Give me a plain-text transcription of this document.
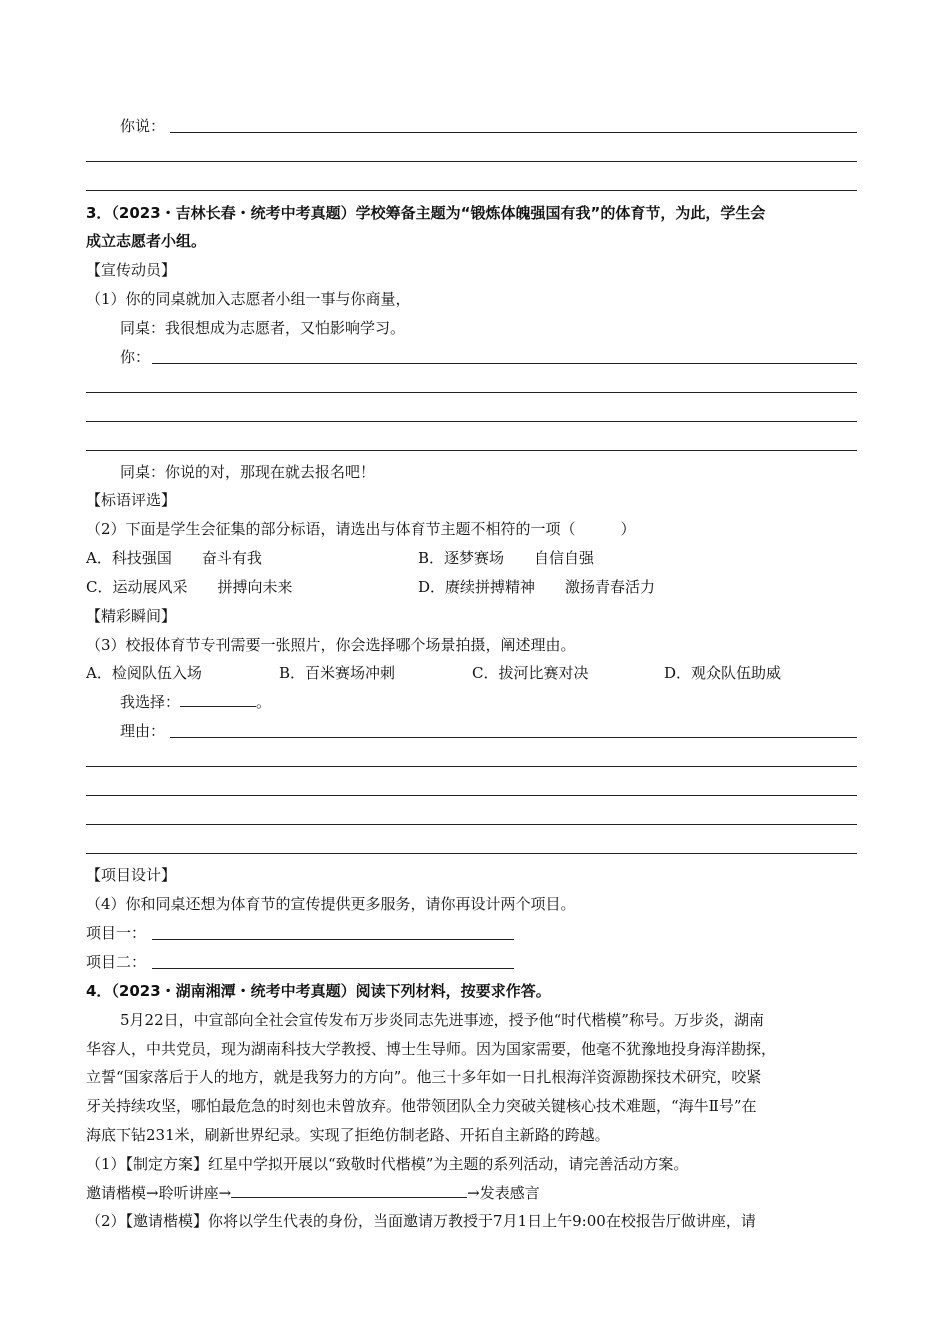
你说：
3．（2023・吉林长春・统考中考真题）学校筹备主题为“锻炼体魄强国有我”的体育节，为此，学生会
成立志愿者小组。
【宣传动员】
（1）你的同桌就加入志愿者小组一事与你商量，
同桌：我很想成为志愿者，又怕影响学习。
你：
同桌：你说的对，那现在就去报名吧！
【标语评选】
（2）下面是学生会征集的部分标语，请选出与体育节主题不相符的一项（　　　）
A．科技强国　　奋斗有我	B．逐梦赛场　　自信自强
C．运动展风采　　拼搏向未来	D．赓续拼搏精神　　激扬青春活力
【精彩瞬间】
（3）校报体育节专刊需要一张照片，你会选择哪个场景拍摄，阐述理由。
A．检阅队伍入场	B．百米赛场冲刺	C．拔河比赛对决	D．观众队伍助威
我选择：	。
理由：
【项目设计】
（4）你和同桌还想为体育节的宣传提供更多服务，请你再设计两个项目。
项目一：
项目二：
4．（2023・湖南湘潭・统考中考真题）阅读下列材料，按要求作答。
5月22日，中宣部向全社会宣传发布万步炎同志先进事迹，授予他“时代楷模”称号。万步炎，湖南
华容人，中共党员，现为湖南科技大学教授、博士生导师。因为国家需要，他毫不犹豫地投身海洋勘探，
立誓“国家落后于人的地方，就是我努力的方向”。他三十多年如一日扎根海洋资源勘探技术研究，咬紧
牙关持续攻坚，哪怕最危急的时刻也未曾放弃。他带领团队全力突破关键核心技术难题，“海牛Ⅱ号”在
海底下钻231米，刷新世界纪录。实现了拒绝仿制老路、开拓自主新路的跨越。
（1）【制定方案】红星中学拟开展以“致敬时代楷模”为主题的系列活动，请完善活动方案。
邀请楷模→聆听讲座→	→发表感言
（2）【邀请楷模】你将以学生代表的身份，当面邀请万教授于7月1日上午9:00在校报告厅做讲座，请
